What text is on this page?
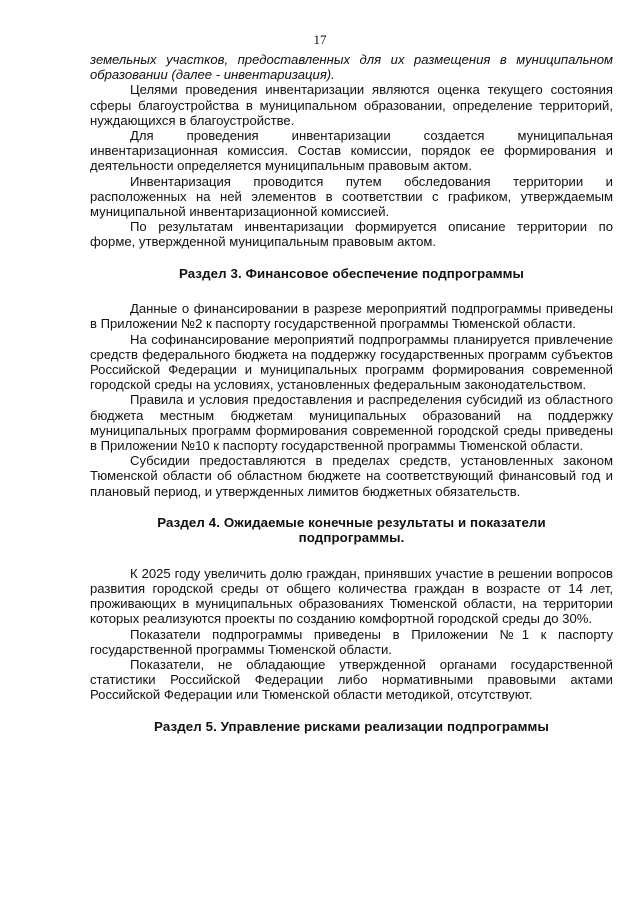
17

земельных участков, предоставленных для их размещения в муниципальном образовании (далее - инвентаризация).

Целями проведения инвентаризации являются оценка текущего состояния сферы благоустройства в муниципальном образовании, определение территорий, нуждающихся в благоустройстве.

Для проведения инвентаризации создается муниципальная инвентаризационная комиссия. Состав комиссии, порядок ее формирования и деятельности определяется муниципальным правовым актом.

Инвентаризация проводится путем обследования территории и расположенных на ней элементов в соответствии с графиком, утверждаемым муниципальной инвентаризационной комиссией.

По результатам инвентаризации формируется описание территории по форме, утвержденной муниципальным правовым актом.

Раздел 3. Финансовое обеспечение подпрограммы

Данные о финансировании в разрезе мероприятий подпрограммы приведены в Приложении №2 к паспорту государственной программы Тюменской области.

На софинансирование мероприятий подпрограммы планируется привлечение средств федерального бюджета на поддержку государственных программ субъектов Российской Федерации и муниципальных программ формирования современной городской среды на условиях, установленных федеральным законодательством.

Правила и условия предоставления и распределения субсидий из областного бюджета местным бюджетам муниципальных образований на поддержку муниципальных программ формирования современной городской среды приведены в Приложении №10 к паспорту государственной программы Тюменской области.

Субсидии предоставляются в пределах средств, установленных законом Тюменской области об областном бюджете на соответствующий финансовый год и плановый период, и утвержденных лимитов бюджетных обязательств.

Раздел 4. Ожидаемые конечные результаты и показатели
подпрограммы.

К 2025 году увеличить долю граждан, принявших участие в решении вопросов развития городской среды от общего количества граждан в возрасте от 14 лет, проживающих в муниципальных образованиях Тюменской области, на территории которых реализуются проекты по созданию комфортной городской среды до 30%.

Показатели подпрограммы приведены в Приложении №1 к паспорту государственной программы Тюменской области.

Показатели, не обладающие утвержденной органами государственной статистики Российской Федерации либо нормативными правовыми актами Российской Федерации или Тюменской области методикой, отсутствуют.

Раздел 5. Управление рисками реализации подпрограммы
